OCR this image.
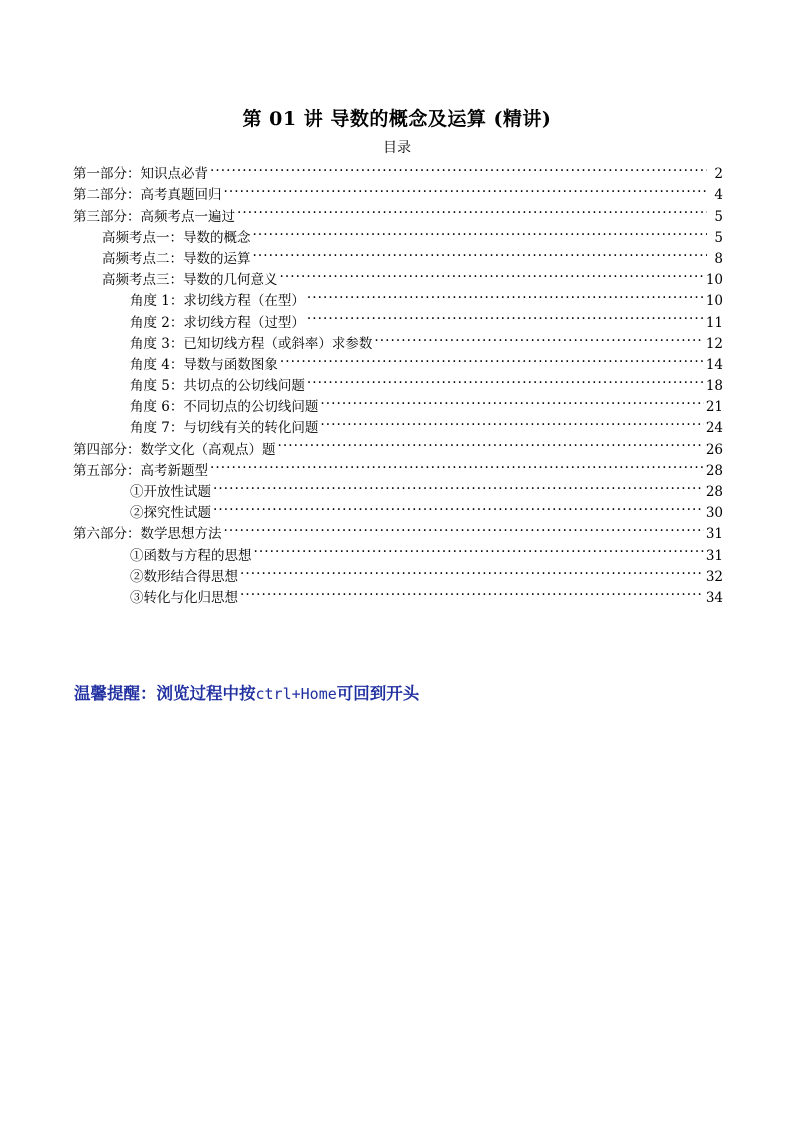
第 01 讲 导数的概念及运算 (精讲)
目录
第一部分：知识点必背 . . .	2
第二部分：高考真题回归 . . .	4
第三部分：高频考点一遍过 . . .	5
高频考点一：导数的概念 . . .	5
高频考点二：导数的运算 . . .	8
高频考点三：导数的几何意义 . . .	10
角度 1：求切线方程（在型） . . .	10
角度 2：求切线方程（过型） . . .	11
角度 3：已知切线方程（或斜率）求参数 . . .	12
角度 4：导数与函数图象 . . .	14
角度 5：共切点的公切线问题 . . .	18
角度 6：不同切点的公切线问题 . . .	21
角度 7：与切线有关的转化问题 . . .	24
第四部分：数学文化（高观点）题 . . .	26
第五部分：高考新题型 . . .	28
①开放性试题 . . .	28
②探究性试题 . . .	30
第六部分：数学思想方法 . . .	31
①函数与方程的思想 . . .	31
②数形结合得思想 . . .	32
③转化与化归思想 . . .	34
温馨提醒：浏览过程中按ctrl+Home可回到开头
